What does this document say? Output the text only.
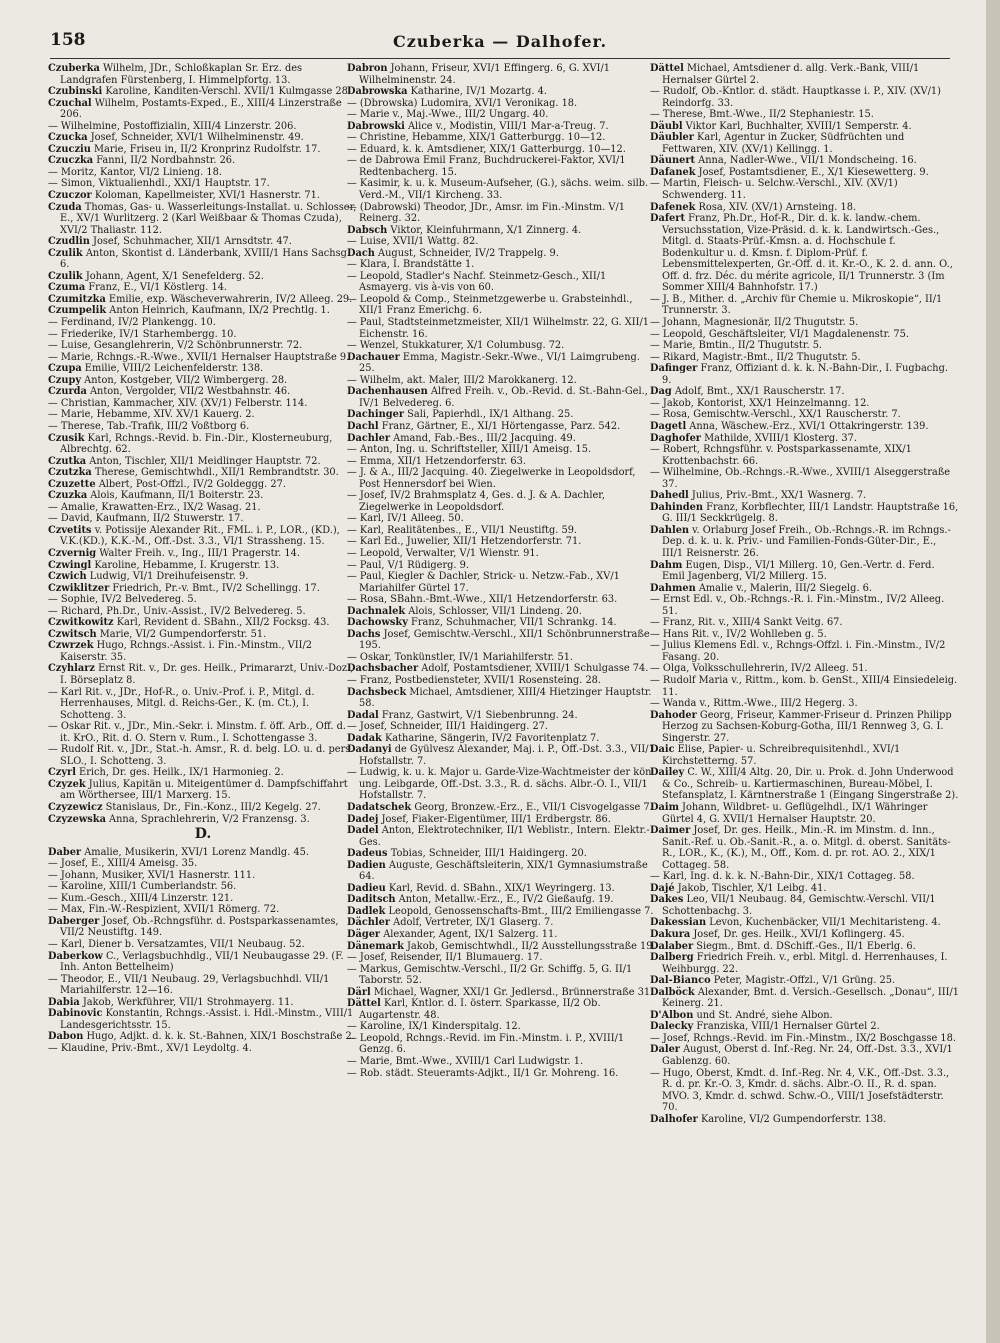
158	Czuberka — Dalhofer.
Czuberka Wilhelm, JDr., Schloßkaplan Sr. Erz. des Landgrafen Fürstenberg, I. Himmelpfortg. 13.
Czubinski Karoline, Kanditen-Verschl. XVII/1 Kulmgasse 28.
Czuchal Wilhelm, Postamts-Exped., E., XIII/4 Linzerstraße 206.
— Wilhelmine, Postoffizialin, XIII/4 Linzerstr. 206.
Czucka Josef, Schneider, XVI/1 Wilhelminenstr. 49.
Czucziu Marie, Friseu in, II/2 Kronprinz Rudolfstr. 17.
Czuczka Fanni, II/2 Nordbahnstr. 26.
— Moritz, Kantor, VI/2 Linieng. 18.
— Simon, Viktualienhdl., XXI/1 Hauptstr. 17.
Czuczor Koloman, Kapellmeister, XVI/1 Hasnerstr. 71.
Czuda Thomas, Gas- u. Wasserleitungs-Installat. u. Schlosser, E., XV/1 Wurlitzerg. 2 (Karl Weißbaar & Thomas Czuda), XVI/2 Thaliastr. 112.
Czudlin Josef, Schuhmacher, XII/1 Arnsdtstr. 47.
Czulik Anton, Skontist d. Länderbank, XVIII/1 Hans Sachsg. 6.
Czulik Johann, Agent, X/1 Senefelderg. 52.
Czuma Franz, E., VI/1 Köstlerg. 14.
Czumitzka Emilie, exp. Wäscheverwahrerin, IV/2 Alleeg. 29.
Czumpelik Anton Heinrich, Kaufmann, IX/2 Prechtlg. 1.
— Ferdinand, IV/2 Plankengg. 10.
— Friederike, IV/1 Starhembergg. 10.
— Luise, Gesanglehrerin, V/2 Schönbrunnerstr. 72.
— Marie, Rchngs.-R.-Wwe., XVII/1 Hernalser Hauptstraße 9.
Czupa Emilie, VIII/2 Leichenfelderstr. 138.
Czupy Anton, Kostgeber, VII/2 Wimbergerg. 28.
Czurda Anton, Vergolder, VII/2 Westbahnstr. 46.
— Christian, Kammacher, XIV. (XV/1) Felberstr. 114.
— Marie, Hebamme, XIV. XV/1 Kauerg. 2.
— Therese, Tab.-Trafik, III/2 Voßtborg 6.
Czusik Karl, Rchngs.-Revid. b. Fin.-Dir., Klosterneuburg, Albrechtg. 62.
Czutka Anton, Tischler, XII/1 Meidlinger Hauptstr. 72.
Czutzka Therese, Gemischtwhdl., XII/1 Rembrandtstr. 30.
Czuzette Albert, Post-Offzl., IV/2 Goldeggg. 27.
Czuzka Alois, Kaufmann, II/1 Boiterstr. 23.
— Amalie, Krawatten-Erz., IX/2 Wasag. 21.
— David, Kaufmann, II/2 Stuwerstr. 17.
Czvetits v. Potissije Alexander Rit., FML. i. P., LOR., (KD.), V.K.(KD.), K.K.-M., Off.-Dst. 3.3., VI/1 Strassheng. 15.
Czvernig Walter Freih. v., Ing., III/1 Pragerstr. 14.
Czwingl Karoline, Hebamme, I. Krugerstr. 13.
Czwich Ludwig, VI/1 Dreihufeisenstr. 9.
Czwiklitzer Friedrich, Pr.-v. Bmt., IV/2 Schellingg. 17.
— Sophie, IV/2 Belvedereg. 5.
— Richard, Ph.Dr., Univ.-Assist., IV/2 Belvedereg. 5.
Czwitkowitz Karl, Revident d. SBahn., XII/2 Focksg. 43.
Czwitsch Marie, VI/2 Gumpendorferstr. 51.
Czwrzek Hugo, Rchngs.-Assist. i. Fin.-Minstm., VII/2 Kaiserstr. 35.
Czyhlarz Ernst Rit. v., Dr. ges. Heilk., Primararzt, Univ.-Doz., I. Börseplatz 8.
— Karl Rit. v., JDr., Hof-R., o. Univ.-Prof. i. P., Mitgl. d. Herrenhauses, Mitgl. d. Reichs-Ger., K. (m. Ct.), I. Schotteng. 3.
— Oskar Rit. v., JDr., Min.-Sekr. i. Minstm. f. öff. Arb., Off. d. it. KrO., Rit. d. O. Stern v. Rum., I. Schottengasse 3.
— Rudolf Rit. v., JDr., Stat.-h. Amsr., R. d. belg. LO. u. d. pers. SLO., I. Schotteng. 3.
Czyrl Erich, Dr. ges. Heilk., IX/1 Harmonieg. 2.
Czyzek Julius, Kapitän u. Miteigentümer d. Dampfschiffahrt am Wörthersee, III/1 Marxerg. 15.
Czyzewicz Stanislaus, Dr., Fin.-Konz., III/2 Kegelg. 27.
Czyzewska Anna, Sprachlehrerin, V/2 Franzensg. 3.
D.
Daber Amalie, Musikerin, XVI/1 Lorenz Mandlg. 45.
— Josef, E., XIII/4 Ameisg. 35.
— Johann, Musiker, XVI/1 Hasnerstr. 111.
— Karoline, XIII/1 Cumberlandstr. 56.
— Kum.-Gesch., XIII/4 Linzerstr. 121.
— Max, Fin.-W.-Respizient, XVII/1 Römerg. 72.
Daberger Josef, Ob.-Rchngsführ. d. Postsparkassenamtes, VII/2 Neustiftg. 149.
— Karl, Diener b. Versatzamtes, VII/1 Neubaug. 52.
Daberkow C., Verlagsbuchhdlg., VII/1 Neubaugasse 29. (F. Inh. Anton Bettelheim)
— Theodor, E., VII/1 Neubaug. 29, Verlagsbuchhdl. VII/1 Mariahilferstr. 12—16.
Dabia Jakob, Werkführer, VII/1 Strohmayerg. 11.
Dabinovic Konstantin, Rchngs.-Assist. i. Hdl.-Minstm., VIII/1 Landesgerichtsstr. 15.
Dabon Hugo, Adjkt. d. k. k. St.-Bahnen, XIX/1 Boschstraße 2.
— Klaudine, Priv.-Bmt., XV/1 Leydoltg. 4.
Dabron Johann, Friseur, XVI/1 Effingerg. 6, G. XVI/1 Wilhelminenstr. 24.
Dabrowska Katharine, IV/1 Mozartg. 4.
— (Dbrowska) Ludomira, XVI/1 Veronikag. 18.
— Marie v., Maj.-Wwe., III/2 Ungarg. 40.
Dabrowski Alice v., Modistin, VIII/1 Mar-a-Treug. 7.
— Christine, Hebamme, XIX/1 Gatterburgg. 10—12.
— Eduard, k. k. Amtsdiener, XIX/1 Gatterburgg. 10—12.
— de Dabrowa Emil Franz, Buchdruckerei-Faktor, XVI/1 Redtenbacherg. 15.
— Kasimir, k. u. k. Museum-Aufseher, (G.), sächs. weim. silb. Verd.-M., VII/1 Kircheng. 33.
— (Dabrowski) Theodor, JDr., Amsr. im Fin.-Minstm. V/1 Reinerg. 32.
Dabsch Viktor, Kleinfuhrmann, X/1 Zinnerg. 4.
— Luise, XVII/1 Wattg. 82.
Dach August, Schneider, IV/2 Trappelg. 9.
— Klara, I. Brandstätte 1.
— Leopold, Stadler's Nachf. Steinmetz-Gesch., XII/1 Asmayerg. vis à-vis von 60.
— Leopold & Comp., Steinmetzgewerbe u. Grabsteinhdl., XII/1 Franz Emerichg. 6.
— Paul, Stadtsteinmetzmeister, XII/1 Wilhelmstr. 22, G. XII/1 Eichenstr. 16.
— Wenzel, Stukkaturer, X/1 Columbusg. 72.
Dachauer Emma, Magistr.-Sekr.-Wwe., VI/1 Laimgrubeng. 25.
— Wilhelm, akt. Maler, III/2 Marokkanerg. 12.
Dachenhausen Alfred Freih. v., Ob.-Revid. d. St.-Bahn-Gel., IV/1 Belvedereg. 6.
Dachinger Sali, Papierhdl., IX/1 Althang. 25.
Dachl Franz, Gärtner, E., XI/1 Hörtengasse, Parz. 542.
Dachler Amand, Fab.-Bes., III/2 Jacquing. 49.
— Anton, Ing. u. Schriftsteller, XIII/1 Ameisg. 15.
— Emma, XII/1 Hetzendorferstr. 63.
— J. & A., III/2 Jacquing. 40. Ziegelwerke in Leopoldsdorf, Post Hennersdorf bei Wien.
— Josef, IV/2 Brahmsplatz 4, Ges. d. J. & A. Dachler, Ziegelwerke in Leopoldsdorf.
— Karl, IV/1 Alleeg. 50.
— Karl, Realitätenbes., E., VII/1 Neustiftg. 59.
— Karl Ed., Juwelier, XII/1 Hetzendorferstr. 71.
— Leopold, Verwalter, V/1 Wienstr. 91.
— Paul, V/1 Rüdigerg. 9.
— Paul, Kiegler & Dachler, Strick- u. Netzw.-Fab., XV/1 Mariahilfer Gürtel 17.
— Rosa, SBahn.-Bmt.-Wwe., XII/1 Hetzendorferstr. 63.
Dachnalek Alois, Schlosser, VII/1 Lindeng. 20.
Dachowsky Franz, Schuhmacher, VII/1 Schrankg. 14.
Dachs Josef, Gemischtw.-Verschl., XII/1 Schönbrunnerstraße 195.
— Oskar, Tonkünstler, IV/1 Mariahilferstr. 51.
Dachsbacher Adolf, Postamtsdiener, XVIII/1 Schulgasse 74.
— Franz, Postbediensteter, XVII/1 Rosensteing. 28.
Dachsbeck Michael, Amtsdiener, XIII/4 Hietzinger Hauptstr. 58.
Dadal Franz, Gastwirt, V/1 Siebenbrunng. 24.
— Josef, Schneider, III/1 Haidingerg. 27.
Dadak Katharine, Sängerin, IV/2 Favoritenplatz 7.
Dadanyi de Gyülvesz Alexander, Maj. i. P., Off.-Dst. 3.3., VII/1 Hofstallstr. 7.
— Ludwig, k. u. k. Major u. Garde-Vize-Wachtmeister der kön. ung. Leibgarde, Off.-Dst. 3.3., R. d. sächs. Albr.-O. I., VII/1 Hofstallstr. 7.
Dadatschek Georg, Bronzew.-Erz., E., VII/1 Cisvogelgasse 7.
Dadej Josef, Fiaker-Eigentümer, III/1 Erdbergstr. 86.
Dadel Anton, Elektrotechniker, II/1 Weblistr., Intern. Elektr.-Ges.
Dadeus Tobias, Schneider, III/1 Haidingerg. 20.
Dadien Auguste, Geschäftsleiterin, XIX/1 Gymnasiumstraße 64.
Dadieu Karl, Revid. d. SBahn., XIX/1 Weyringerg. 13.
Daditsch Anton, Metallw.-Erz., E., IV/2 Gießaufg. 19.
Dadlek Leopold, Genossenschafts-Bmt., III/2 Emiliengasse 7.
Dächler Adolf, Vertreter, IX/1 Glaserg. 7.
Däger Alexander, Agent, IX/1 Salzerg. 11.
Dänemark Jakob, Gemischtwhdl., II/2 Ausstellungsstraße 19.
— Josef, Reisender, II/1 Blumauerg. 17.
— Markus, Gemischtw.-Verschl., II/2 Gr. Schiffg. 5, G. II/1 Taborstr. 52.
Därl Michael, Wagner, XXI/1 Gr. Jedlersd., Brünnerstraße 31.
Dättel Karl, Kntlor. d. I. österr. Sparkasse, II/2 Ob. Augartenstr. 48.
— Karoline, IX/1 Kinderspitalg. 12.
— Leopold, Rchngs.-Revid. im Fin.-Minstm. i. P., XVIII/1 Genzg. 6.
— Marie, Bmt.-Wwe., XVIII/1 Carl Ludwigstr. 1.
— Rob. städt. Steueramts-Adjkt., II/1 Gr. Mohreng. 16.
Dättel Michael, Amtsdiener d. allg. Verk.-Bank, VIII/1 Hernalser Gürtel 2.
— Rudolf, Ob.-Kntlor. d. städt. Hauptkasse i. P., XIV. (XV/1) Reindorfg. 33.
— Therese, Bmt.-Wwe., II/2 Stephaniestr. 15.
Däubl Viktor Karl, Buchhalter, XVIII/1 Semperstr. 4.
Däubler Karl, Agentur in Zucker, Südfrüchten und Fettwaren, XIV. (XV/1) Kellingg. 1.
Däunert Anna, Nadler-Wwe., VII/1 Mondscheing. 16.
Dafanek Josef, Postamtsdiener, E., X/1 Kiesewetterg. 9.
— Martin, Fleisch- u. Selchw.-Verschl., XIV. (XV/1) Schwenderg. 11.
Dafenek Rosa, XIV. (XV/1) Arnsteing. 18.
Dafert Franz, Ph.Dr., Hof-R., Dir. d. k. k. landw.-chem. Versuchsstation, Vize-Präsid. d. k. k. Landwirtsch.-Ges., Mitgl. d. Staats-Prüf.-Kmsn. a. d. Hochschule f. Bodenkultur u. d. Kmsn. f. Diplom-Prüf. f. Lebensmittelexperten, Gr.-Off. d. it. Kr.-O., K. 2. d. ann. O., Off. d. frz. Déc. du mérite agricole, II/1 Trunnerstr. 3 (Im Sommer XIII/4 Bahnhofstr. 17.)
— J. B., Mither. d. „Archiv für Chemie u. Mikroskopie“, II/1 Trunnerstr. 3.
— Johann, Magnesionär, II/2 Thugutstr. 5.
— Leopold, Geschäftsleiter, VI/1 Magdalenenstr. 75.
— Marie, Bmtin., II/2 Thugutstr. 5.
— Rikard, Magistr.-Bmt., II/2 Thugutstr. 5.
Dafinger Franz, Offiziant d. k. k. N.-Bahn-Dir., I. Fugbachg. 9.
Dag Adolf, Bmt., XX/1 Rauscherstr. 17.
— Jakob, Kontorist, XX/1 Heinzelmanng. 12.
— Rosa, Gemischtw.-Verschl., XX/1 Rauscherstr. 7.
Dagetl Anna, Wäschew.-Erz., XVI/1 Ottakringerstr. 139.
Daghofer Mathilde, XVIII/1 Klosterg. 37.
— Robert, Rchngsführ. v. Postsparkassenamte, XIX/1 Krottenbachstr. 66.
— Wilhelmine, Ob.-Rchngs.-R.-Wwe., XVIII/1 Alseggerstraße 37.
Dahedl Julius, Priv.-Bmt., XX/1 Wasnerg. 7.
Dahinden Franz, Korbflechter, III/1 Landstr. Hauptstraße 16, G. III/1 Seckkrügelg. 8.
Dahlen v. Orlaburg Josef Freih., Ob.-Rchngs.-R. im Rchngs.-Dep. d. k. u. k. Priv.- und Familien-Fonds-Güter-Dir., E., III/1 Reisnerstr. 26.
Dahm Eugen, Disp., VI/1 Millerg. 10, Gen.-Vertr. d. Ferd. Emil Jagenberg, VI/2 Millerg. 15.
Dahmen Amalie v., Malerin, III/2 Siegelg. 6.
— Ernst Edl. v., Ob.-Rchngs.-R. i. Fin.-Minstm., IV/2 Alleeg. 51.
— Franz, Rit. v., XIII/4 Sankt Veitg. 67.
— Hans Rit. v., IV/2 Wohlleben g. 5.
— Julius Klemens Edl. v., Rchngs-Offzl. i. Fin.-Minstm., IV/2 Fasang. 20.
— Olga, Volksschullehrerin, IV/2 Alleeg. 51.
— Rudolf Maria v., Rittm., kom. b. GenSt., XIII/4 Einsiedeleig. 11.
— Wanda v., Rittm.-Wwe., III/2 Hegerg. 3.
Dahoder Georg, Friseur, Kammer-Friseur d. Prinzen Philipp Herzog zu Sachsen-Koburg-Gotha, III/1 Rennweg 3, G. I. Singerstr. 27.
Daic Elise, Papier- u. Schreibrequisitenhdl., XVI/1 Kirchstetterng. 57.
Dailey C. W., XIII/4 Altg. 20, Dir. u. Prok. d. John Underwood & Co., Schreib- u. Kartiermaschinen, Bureau-Möbel, I. Stefansplatz, I. Kärntnerstraße 1 (Eingang Singerstraße 2).
Daim Johann, Wildbret- u. Geflügelhdl., IX/1 Währinger Gürtel 4, G. XVII/1 Hernalser Hauptstr. 20.
Daimer Josef, Dr. ges. Heilk., Min.-R. im Minstm. d. Inn., Sanit.-Ref. u. Ob.-Sanit.-R., a. o. Mitgl. d. oberst. Sanitäts-R., LOR., K., (K.), M., Off., Kom. d. pr. rot. AO. 2., XIX/1 Cottageg. 58.
— Karl, Ing. d. k. k. N.-Bahn-Dir., XIX/1 Cottageg. 58.
Dajé Jakob, Tischler, X/1 Leibg. 41.
Dakes Leo, VII/1 Neubaug. 84, Gemischtw.-Verschl. VII/1 Schottenbachg. 3.
Dakessian Levon, Kuchenbäcker, VII/1 Mechitaristeng. 4.
Dakura Josef, Dr. ges. Heilk., XVI/1 Koflingerg. 45.
Dalaber Siegm., Bmt. d. DSchiff.-Ges., II/1 Eberlg. 6.
Dalberg Friedrich Freih. v., erbl. Mitgl. d. Herrenhauses, I. Weihburgg. 22.
Dal-Bianco Peter, Magistr.-Offzl., V/1 Grüng. 25.
Dalböck Alexander, Bmt. d. Versich.-Gesellsch. „Donau“, III/1 Keinerg. 21.
D'Albon und St. André, siehe Albon.
Dalecky Franziska, VIII/1 Hernalser Gürtel 2.
— Josef, Rchngs.-Revid. im Fin.-Minstm., IX/2 Boschgasse 18.
Daler August, Oberst d. Inf.-Reg. Nr. 24, Off.-Dst. 3.3., XVI/1 Gablenzg. 60.
— Hugo, Oberst, Kmdt. d. Inf.-Reg. Nr. 4, V.K., Off.-Dst. 3.3., R. d. pr. Kr.-O. 3, Kmdr. d. sächs. Albr.-O. II., R. d. span. MVO. 3, Kmdr. d. schwd. Schw.-O., VIII/1 Josefstädterstr. 70.
Dalhofer Karoline, VI/2 Gumpendorferstr. 138.
